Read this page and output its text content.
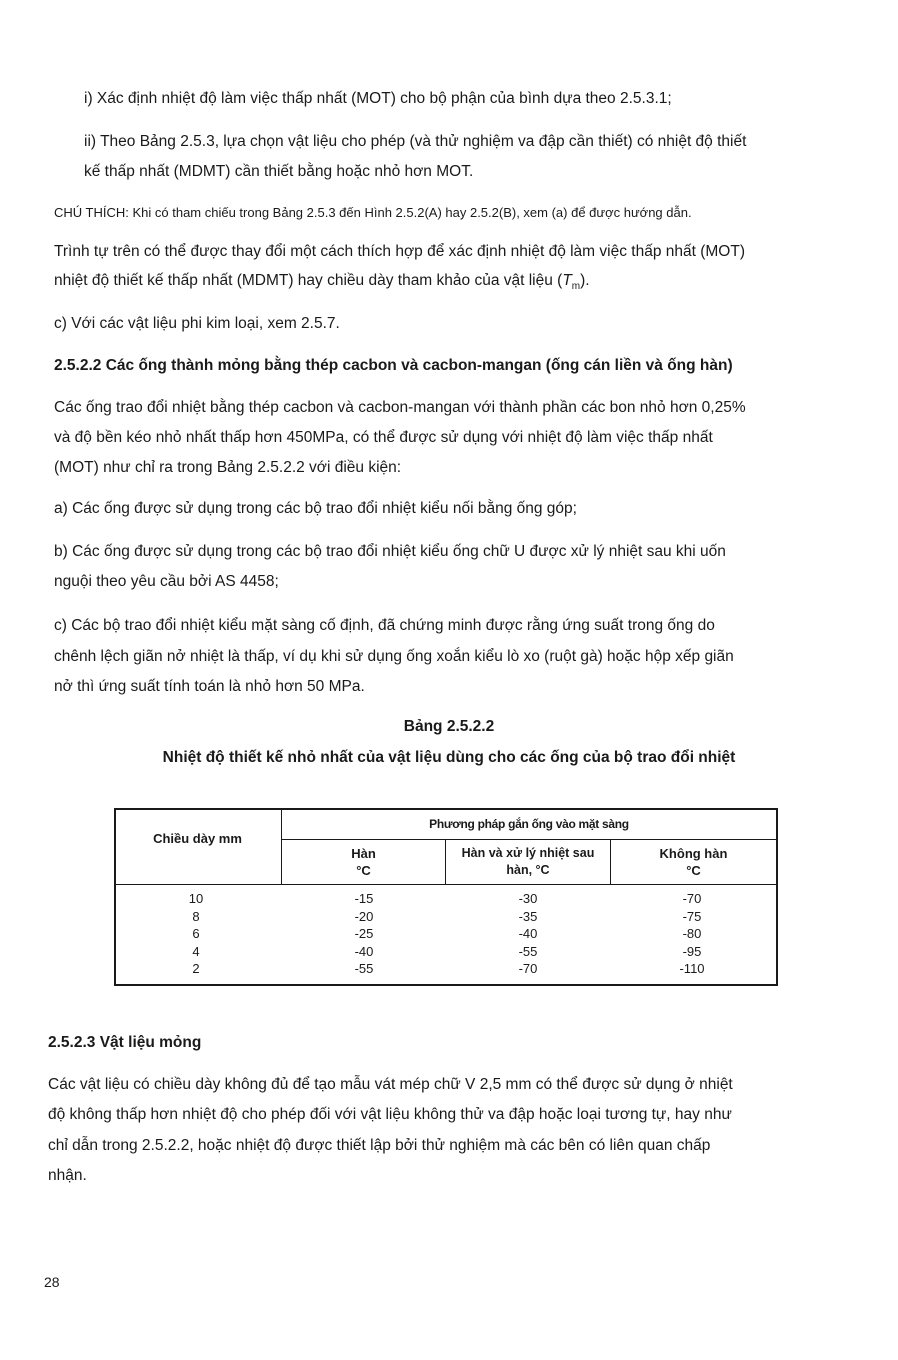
i) Xác định nhiệt độ làm việc thấp nhất (MOT) cho bộ phận của bình dựa theo 2.5.3.1;
ii) Theo Bảng 2.5.3, lựa chọn vật liệu cho phép (và thử nghiệm va đập cần thiết) có nhiệt độ thiết
kế thấp nhất (MDMT) cần thiết bằng hoặc nhỏ hơn MOT.
CHÚ THÍCH: Khi có tham chiếu trong Bảng 2.5.3 đến Hình 2.5.2(A) hay 2.5.2(B), xem (a) để được hướng dẫn.
Trình tự trên có thể được thay đổi một cách thích hợp để xác định nhiệt độ làm việc thấp nhất (MOT)
nhiệt độ thiết kế thấp nhất (MDMT) hay chiều dày tham khảo của vật liệu $(T_m)$.
c) Với các vật liệu phi kim loại, xem 2.5.7.
2.5.2.2 Các ống thành mỏng bằng thép cacbon và cacbon-mangan (ống cán liền và ống hàn)
Các ống trao đổi nhiệt bằng thép cacbon và cacbon-mangan với thành phần các bon nhỏ hơn 0,25%
và độ bền kéo nhỏ nhất thấp hơn 450MPa, có thể được sử dụng với nhiệt độ làm việc thấp nhất
(MOT) như chỉ ra trong Bảng 2.5.2.2 với điều kiện:
a) Các ống được sử dụng trong các bộ trao đổi nhiệt kiểu nối bằng ống góp;
b) Các ống được sử dụng trong các bộ trao đổi nhiệt kiểu ống chữ U được xử lý nhiệt sau khi uốn
nguội theo yêu cầu bởi AS 4458;
c) Các bộ trao đổi nhiệt kiểu mặt sàng cố định, đã chứng minh được rằng ứng suất trong ống do
chênh lệch giãn nở nhiệt là thấp, ví dụ khi sử dụng ống xoắn kiểu lò xo (ruột gà) hoặc hộp xếp giãn
nở thì ứng suất tính toán là nhỏ hơn 50 MPa.
Bảng 2.5.2.2
Nhiệt độ thiết kế nhỏ nhất của vật liệu dùng cho các ống của bộ trao đổi nhiệt
Chiều dày mm
Phương pháp gắn ống vào mặt sàng
Hàn
°C
Hàn và xử lý nhiệt sau
hàn, °C
Không hàn
°C
10
8
6
4
2
-15
-20
-25
-40
-55
-30
-35
-40
-55
-70
-70
-75
-80
-95
-110
2.5.2.3 Vật liệu mỏng
Các vật liệu có chiều dày không đủ để tạo mẫu vát mép chữ V 2,5 mm có thể được sử dụng ở nhiệt
độ không thấp hơn nhiệt độ cho phép đối với vật liệu không thử va đập hoặc loại tương tự, hay như
chỉ dẫn trong 2.5.2.2, hoặc nhiệt độ được thiết lập bởi thử nghiệm mà các bên có liên quan chấp
nhận.
28
